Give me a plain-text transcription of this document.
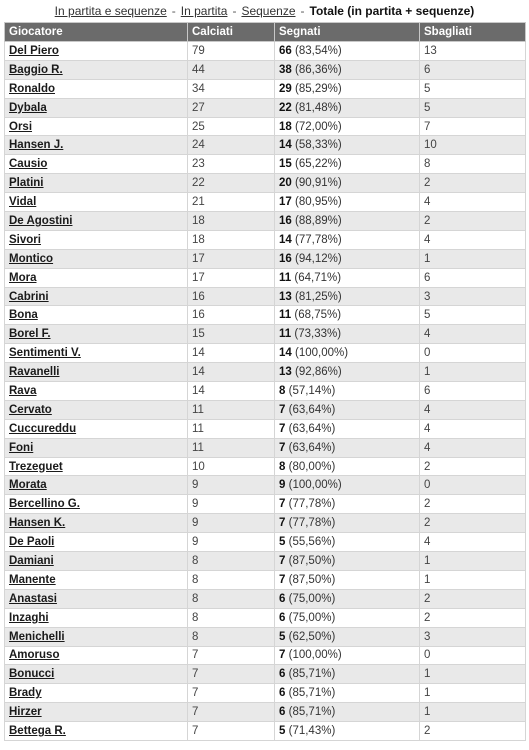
In partita e sequenze - In partita - Sequenze - Totale (in partita + sequenze)
Giocatore	Calciati	Segnati	Sbagliati
Del Piero	79	66 (83,54%)	13
Baggio R.	44	38 (86,36%)	6
Ronaldo	34	29 (85,29%)	5
Dybala	27	22 (81,48%)	5
Orsi	25	18 (72,00%)	7
Hansen J.	24	14 (58,33%)	10
Causio	23	15 (65,22%)	8
Platini	22	20 (90,91%)	2
Vidal	21	17 (80,95%)	4
De Agostini	18	16 (88,89%)	2
Sivori	18	14 (77,78%)	4
Montico	17	16 (94,12%)	1
Mora	17	11 (64,71%)	6
Cabrini	16	13 (81,25%)	3
Bona	16	11 (68,75%)	5
Borel F.	15	11 (73,33%)	4
Sentimenti V.	14	14 (100,00%)	0
Ravanelli	14	13 (92,86%)	1
Rava	14	8 (57,14%)	6
Cervato	11	7 (63,64%)	4
Cuccureddu	11	7 (63,64%)	4
Foni	11	7 (63,64%)	4
Trezeguet	10	8 (80,00%)	2
Morata	9	9 (100,00%)	0
Bercellino G.	9	7 (77,78%)	2
Hansen K.	9	7 (77,78%)	2
De Paoli	9	5 (55,56%)	4
Damiani	8	7 (87,50%)	1
Manente	8	7 (87,50%)	1
Anastasi	8	6 (75,00%)	2
Inzaghi	8	6 (75,00%)	2
Menichelli	8	5 (62,50%)	3
Amoruso	7	7 (100,00%)	0
Bonucci	7	6 (85,71%)	1
Brady	7	6 (85,71%)	1
Hirzer	7	6 (85,71%)	1
Bettega R.	7	5 (71,43%)	2
